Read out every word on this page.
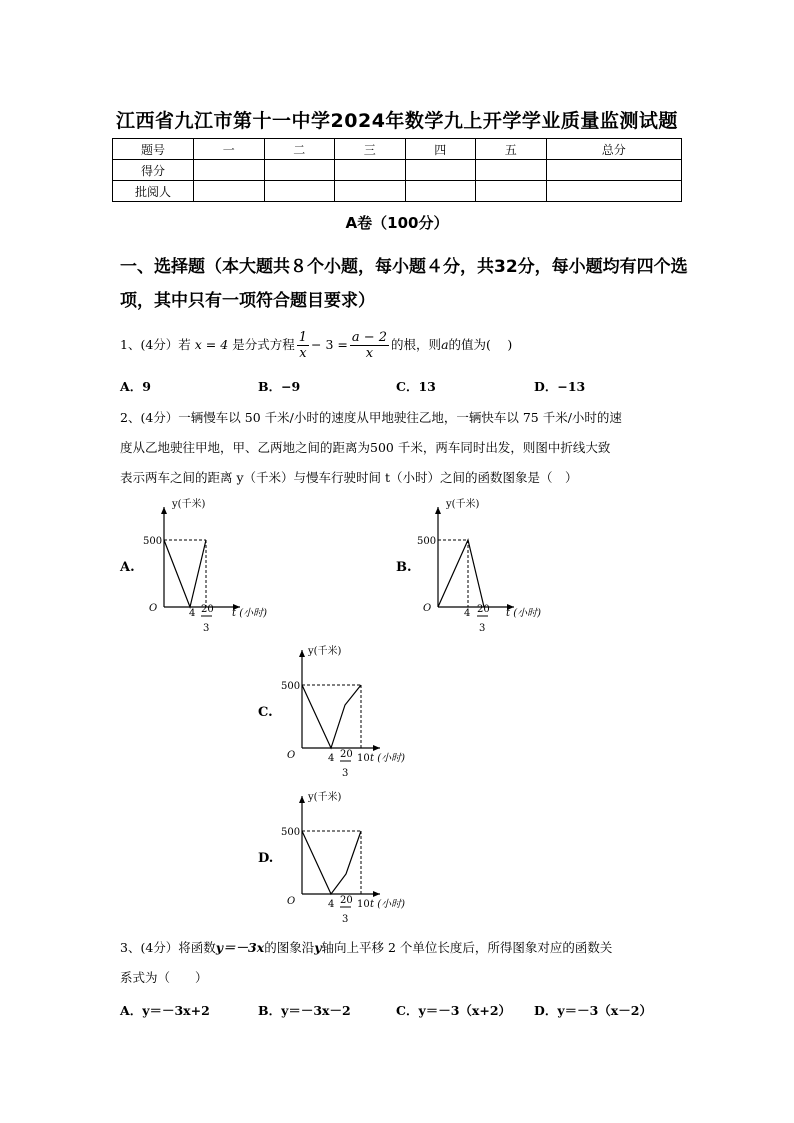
江西省九江市第十一中学2024年数学九上开学学业质量监测试题
题号	一	二	三	四	五	总分
得分						
批阅人						
A卷（100分）
一、选择题（本大题共８个小题，每小题４分，共32分，每小题均有四个选项，其中只有一项符合题目要求）
1、(4分）若 x = 4 是分式方程 $\frac{1}{x} - 3 = \frac{a - 2}{x}$ 的根，则a的值为(　 )
A．9	B．−9	C．13	D．−13
2、(4分）一辆慢车以 50 千米/小时的速度从甲地驶往乙地，一辆快车以 75 千米/小时的速
度从乙地驶往甲地，甲、乙两地之间的距离为500 千米，两车同时出发，则图中折线大致
表示两车之间的距离 y（千米）与慢车行驶时间 t（小时）之间的函数图象是（　）
A.
y(千米)
500
O	4 20
3
t (小时)
B.
y(千米)
500
O	4 20
3
t (小时)
C.
y(千米)
500
O	4 20
3
10 t (小时)
D.
y(千米)
500
O	4 20
3
10 t (小时)
3、(4分）将函数y＝－3x的图象沿y轴向上平移 2 个单位长度后，所得图象对应的函数关
系式为（　　）
A．y＝－3x+2	B．y＝－3x－2	C．y＝－3（x+2） D．y＝－3（x－2）
